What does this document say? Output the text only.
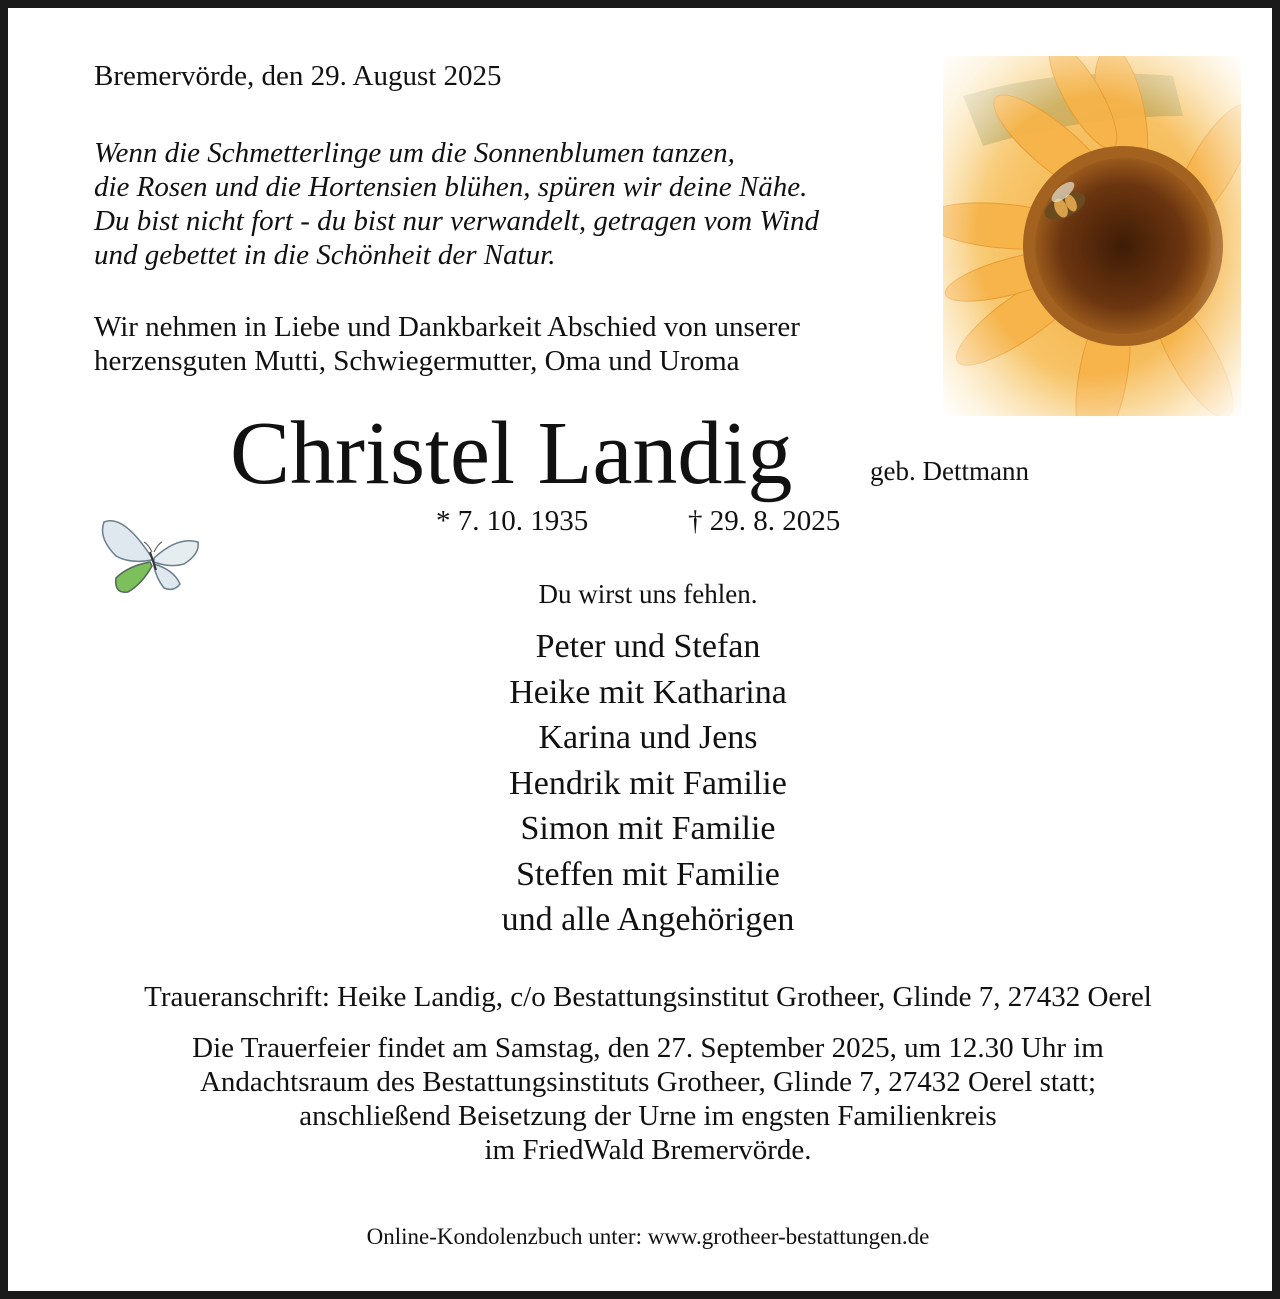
Bremervörde, den 29. August 2025
Wenn die Schmetterlinge um die Sonnenblumen tanzen,
die Rosen und die Hortensien blühen, spüren wir deine Nähe.
Du bist nicht fort - du bist nur verwandelt, getragen vom Wind
und gebettet in die Schönheit der Natur.
Wir nehmen in Liebe und Dankbarkeit Abschied von unserer
herzensguten Mutti, Schwiegermutter, Oma und Uroma
Christel Landig	geb. Dettmann
* 7. 10. 1935	† 29. 8. 2025
Du wirst uns fehlen.
Peter und Stefan
Heike mit Katharina
Karina und Jens
Hendrik mit Familie
Simon mit Familie
Steffen mit Familie
und alle Angehörigen
Traueranschrift: Heike Landig, c/o Bestattungsinstitut Grotheer, Glinde 7, 27432 Oerel
Die Trauerfeier findet am Samstag, den 27. September 2025, um 12.30 Uhr im
Andachtsraum des Bestattungsinstituts Grotheer, Glinde 7, 27432 Oerel statt;
anschließend Beisetzung der Urne im engsten Familienkreis
im FriedWald Bremervörde.
Online-Kondolenzbuch unter: www.grotheer-bestattungen.de
